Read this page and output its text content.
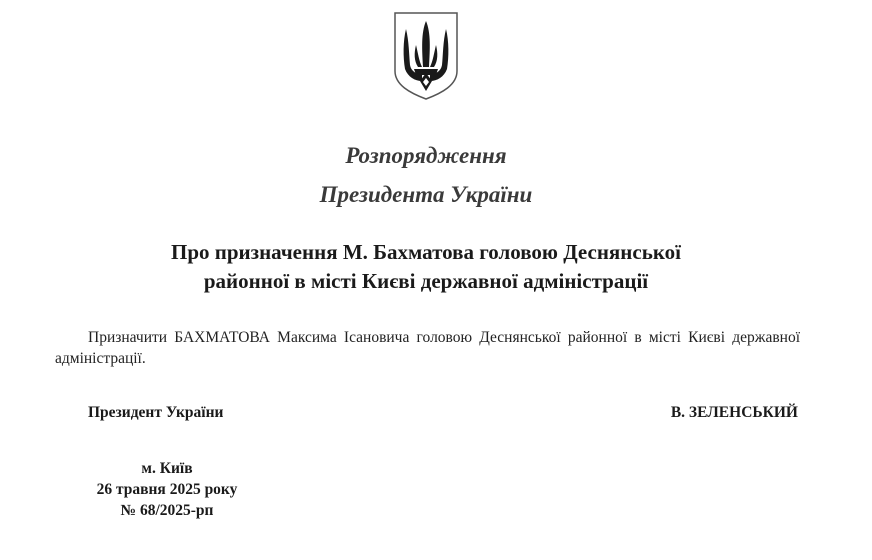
Розпорядження
Президента України
Про призначення М. Бахматова головою Деснянської
районної в місті Києві державної адміністрації
Призначити БАХМАТОВА Максима Ісановича головою Деснянської районної в місті Києві державної адміністрації.
Президент України	В. ЗЕЛЕНСЬКИЙ
м. Київ
26 травня 2025 року
№ 68/2025-рп
